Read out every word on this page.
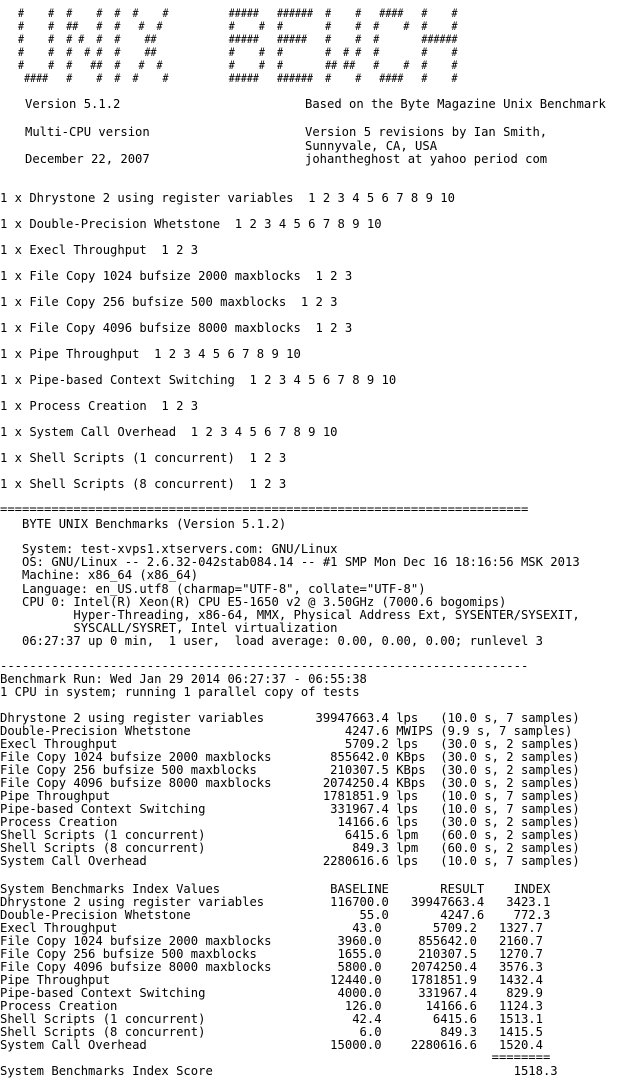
#    #  #    #  #  #    #          #####   ######  #    #   ####   #    #
#    #  ##   #  #   #  #           #    #  #       #    #  #    #  #    #
#    #  # #  #  #    ##            #####   #####   #    #  #       ######
#    #  #  # #  #    ##            #    #  #       #  # #  #       #    #
#    #  #   ##  #   #  #           #    #  #       ## ##   #    #  #    #
####   #    #  #  #    #          #####   ######  #    #   ####   #    #
Version 5.1.2	Based on the Byte Magazine Unix Benchmark
Multi-CPU version	Version 5 revisions by Ian Smith,
Sunnyvale, CA, USA
December 22, 2007	johantheghost at yahoo period com
1 x Dhrystone 2 using register variables  1 2 3 4 5 6 7 8 9 10
1 x Double-Precision Whetstone  1 2 3 4 5 6 7 8 9 10
1 x Execl Throughput  1 2 3
1 x File Copy 1024 bufsize 2000 maxblocks  1 2 3
1 x File Copy 256 bufsize 500 maxblocks  1 2 3
1 x File Copy 4096 bufsize 8000 maxblocks  1 2 3
1 x Pipe Throughput  1 2 3 4 5 6 7 8 9 10
1 x Pipe-based Context Switching  1 2 3 4 5 6 7 8 9 10
1 x Process Creation  1 2 3
1 x System Call Overhead  1 2 3 4 5 6 7 8 9 10
1 x Shell Scripts (1 concurrent)  1 2 3
1 x Shell Scripts (8 concurrent)  1 2 3
========================================================================
BYTE UNIX Benchmarks (Version 5.1.2)
System: test-xvps1.xtservers.com: GNU/Linux
OS: GNU/Linux -- 2.6.32-042stab084.14 -- #1 SMP Mon Dec 16 18:16:56 MSK 2013
Machine: x86_64 (x86_64)
Language: en_US.utf8 (charmap="UTF-8", collate="UTF-8")
CPU 0: Intel(R) Xeon(R) CPU E5-1650 v2 @ 3.50GHz (7000.6 bogomips)
Hyper-Threading, x86-64, MMX, Physical Address Ext, SYSENTER/SYSEXIT,
SYSCALL/SYSRET, Intel virtualization
06:27:37 up 0 min,  1 user,  load average: 0.00, 0.00, 0.00; runlevel 3
------------------------------------------------------------------------
Benchmark Run: Wed Jan 29 2014 06:27:37 - 06:55:38
1 CPU in system; running 1 parallel copy of tests
Dhrystone 2 using register variables       39947663.4 lps   (10.0 s, 7 samples)
Double-Precision Whetstone                     4247.6 MWIPS (9.9 s, 7 samples)
Execl Throughput                               5709.2 lps   (30.0 s, 2 samples)
File Copy 1024 bufsize 2000 maxblocks        855642.0 KBps  (30.0 s, 2 samples)
File Copy 256 bufsize 500 maxblocks          210307.5 KBps  (30.0 s, 2 samples)
File Copy 4096 bufsize 8000 maxblocks       2074250.4 KBps  (30.0 s, 2 samples)
Pipe Throughput                             1781851.9 lps   (10.0 s, 7 samples)
Pipe-based Context Switching                 331967.4 lps   (10.0 s, 7 samples)
Process Creation                              14166.6 lps   (30.0 s, 2 samples)
Shell Scripts (1 concurrent)                   6415.6 lpm   (60.0 s, 2 samples)
Shell Scripts (8 concurrent)                    849.3 lpm   (60.0 s, 2 samples)
System Call Overhead                        2280616.6 lps   (10.0 s, 7 samples)
System Benchmarks Index Values               BASELINE       RESULT    INDEX
Dhrystone 2 using register variables         116700.0   39947663.4   3423.1
Double-Precision Whetstone                       55.0       4247.6    772.3
Execl Throughput                                43.0       5709.2   1327.7
File Copy 1024 bufsize 2000 maxblocks         3960.0     855642.0   2160.7
File Copy 256 bufsize 500 maxblocks           1655.0     210307.5   1270.7
File Copy 4096 bufsize 8000 maxblocks         5800.0    2074250.4   3576.3
Pipe Throughput                              12440.0    1781851.9   1432.4
Pipe-based Context Switching                  4000.0     331967.4    829.9
Process Creation                               126.0      14166.6   1124.3
Shell Scripts (1 concurrent)                    42.4       6415.6   1513.1
Shell Scripts (8 concurrent)                     6.0        849.3   1415.5
System Call Overhead                         15000.0    2280616.6   1520.4
========
System Benchmarks Index Score                                         1518.3
